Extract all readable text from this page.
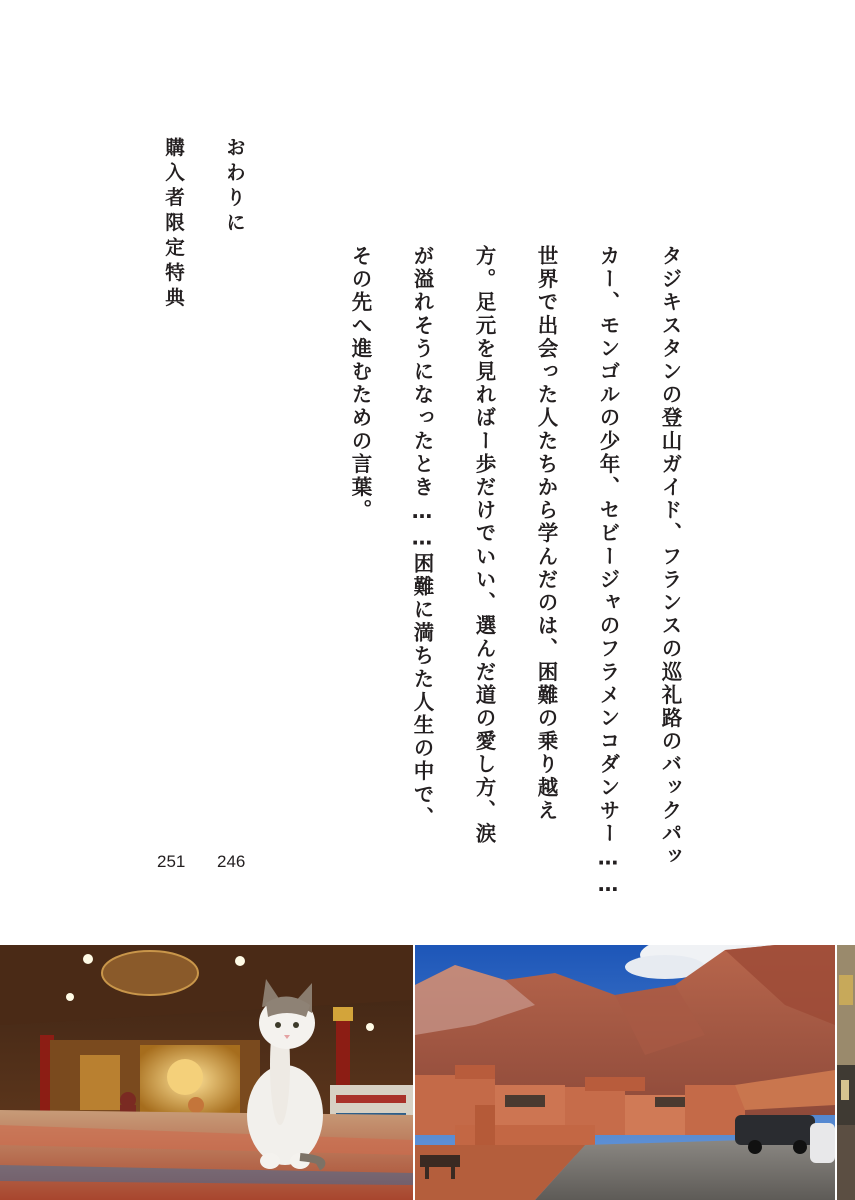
タジキスタンの登山ガイド、フランスの巡礼路のバックパッ

カー、モンゴルの少年、セビージャのフラメンコダンサー……

世界で出会った人たちから学んだのは、困難の乗り越え

方。足元を見ればー歩だけでいい、選んだ道の愛し方、涙

が溢れそうになったとき……困難に満ちた人生の中で、

その先へ進むための言葉。

おわりに

購入者限定特典

246

251
